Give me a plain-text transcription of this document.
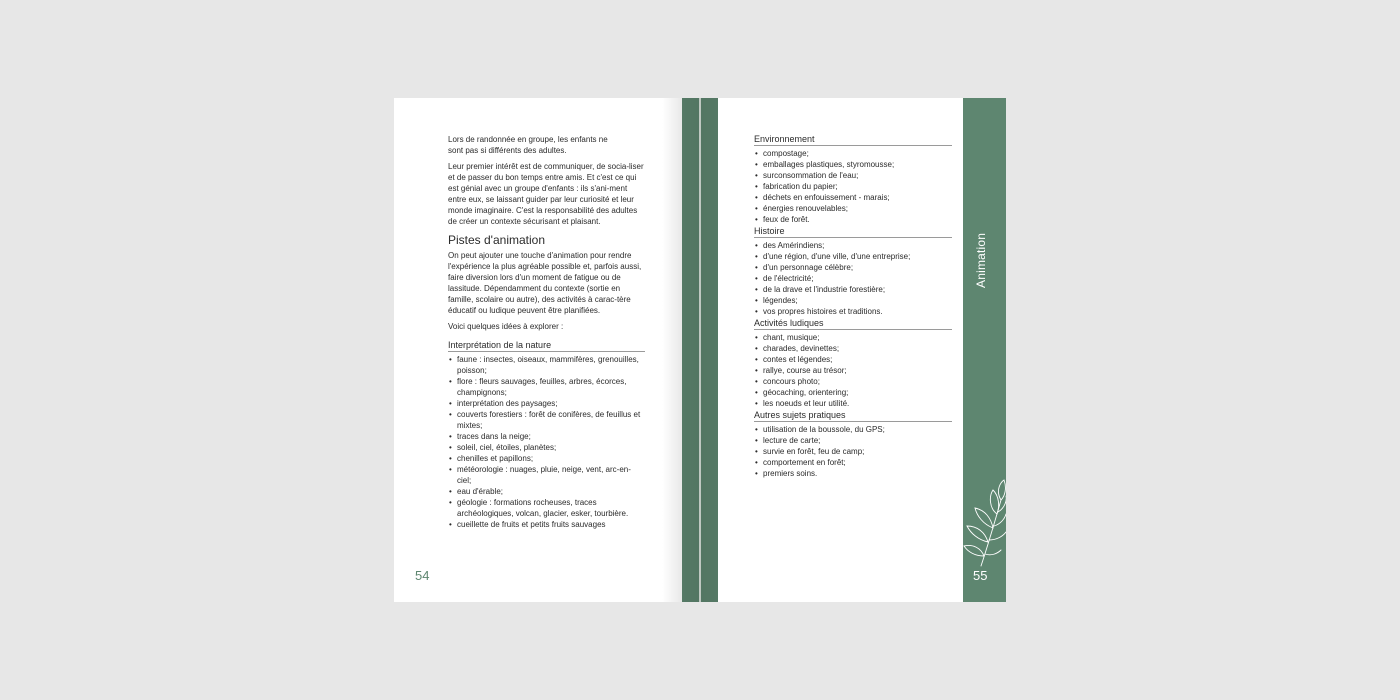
Lors de randonnée en groupe, les enfants ne sont pas si différents des adultes.

Leur premier intérêt est de communiquer, de socia-liser et de passer du bon temps entre amis. Et c'est ce qui est génial avec un groupe d'enfants : ils s'ani-ment entre eux, se laissant guider par leur curiosité et leur monde imaginaire. C'est la responsabilité des adultes de créer un contexte sécurisant et plaisant.

Pistes d'animation

On peut ajouter une touche d'animation pour rendre l'expérience la plus agréable possible et, parfois aussi, faire diversion lors d'un moment de fatigue ou de lassitude. Dépendamment du contexte (sortie en famille, scolaire ou autre), des activités à carac-tère éducatif ou ludique peuvent être planifiées.

Voici quelques idées à explorer :

Interprétation de la nature
• faune : insectes, oiseaux, mammifères, grenouilles, poisson;
• flore : fleurs sauvages, feuilles, arbres, écorces, champignons;
• interprétation des paysages;
• couverts forestiers : forêt de conifères, de feuillus et mixtes;
• traces dans la neige;
• soleil, ciel, étoiles, planètes;
• chenilles et papillons;
• météorologie : nuages, pluie, neige, vent, arc-en-ciel;
• eau d'érable;
• géologie : formations rocheuses, traces archéologiques, volcan, glacier, esker, tourbière.
• cueillette de fruits et petits fruits sauvages
54
Environnement
• compostage;
• emballages plastiques, styromousse;
• surconsommation de l'eau;
• fabrication du papier;
• déchets en enfouissement - marais;
• énergies renouvelables;
• feux de forêt.
Histoire
• des Amérindiens;
• d'une région, d'une ville, d'une entreprise;
• d'un personnage célèbre;
• de l'électricité;
• de la drave et l'industrie forestière;
• légendes;
• vos propres histoires et traditions.
Activités ludiques
• chant, musique;
• charades, devinettes;
• contes et légendes;
• rallye, course au trésor;
• concours photo;
• géocaching, orientering;
• les noeuds et leur utilité.
Autres sujets pratiques
• utilisation de la boussole, du GPS;
• lecture de carte;
• survie en forêt, feu de camp;
• comportement en forêt;
• premiers soins.
Animation
55
